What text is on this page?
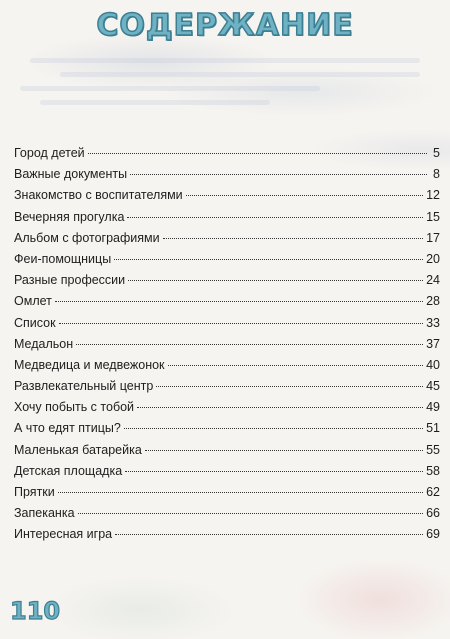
СОДЕРЖАНИЕ
Город детей	5
Важные документы	8
Знакомство с воспитателями	12
Вечерняя прогулка	15
Альбом с фотографиями	17
Феи-помощницы	20
Разные профессии	24
Омлет	28
Список	33
Медальон	37
Медведица и медвежонок	40
Развлекательный центр	45
Хочу побыть с тобой	49
А что едят птицы?	51
Маленькая батарейка	55
Детская площадка	58
Прятки	62
Запеканка	66
Интересная игра	69
110
